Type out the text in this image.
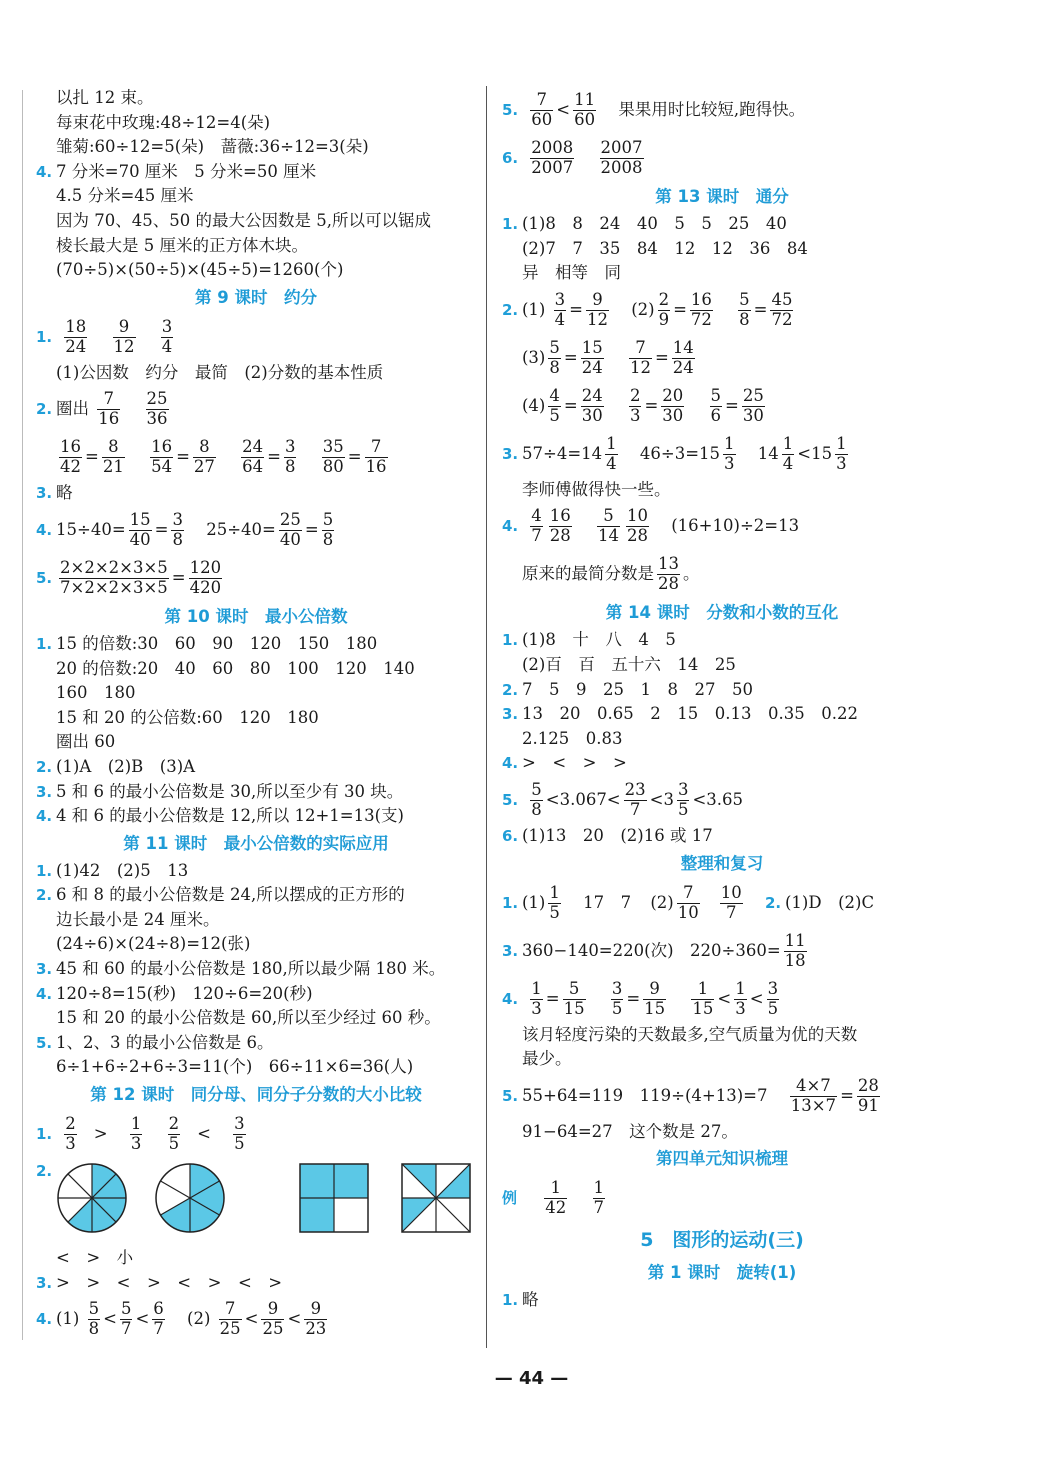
以扎 12 束。
每束花中玫瑰:48÷12=4(朵)
雏菊:60÷12=5(朵)　蔷薇:36÷12=3(朵)
4. 7 分米=70 厘米　5 分米=50 厘米
4.5 分米=45 厘米
因为 70、45、50 的最大公因数是 5,所以可以锯成
棱长最大是 5 厘米的正方体木块。
(70÷5)×(50÷5)×(45÷5)=1260(个)
第 9 课时　约分
1. $\frac{18}{24}$
$\frac{9}{12}$
$\frac{3}{4}$
(1)公因数　约分　最简　(2)分数的基本性质
2. 圈出 $\frac{7}{16}$
$\frac{25}{36}$
$\frac{16}{42} = \frac{8}{21}$
$\frac{16}{54} = \frac{8}{27}$
$\frac{24}{64} = \frac{3}{8}$
$\frac{35}{80} = \frac{7}{16}$
3. 略
4. $15\div 40= \frac{15}{40} = \frac{3}{8} 25\div 40= \frac{25}{40} = \frac{5}{8}$
5. $\frac{2\times 2\times 2\times 3\times 5}{7\times 2\times 2\times 3\times 5} = \frac{120}{420}$
第 10 课时　最小公倍数
1. 15 的倍数:30　60　90　120　150　180
20 的倍数:20　40　60　80　100　120　140
160　180
15 和 20 的公倍数:60　120　180
圈出 60
2. (1)A　(2)B　(3)A
3. 5 和 6 的最小公倍数是 30,所以至少有 30 块。
4. 4 和 6 的最小公倍数是 12,所以 12+1=13(支)
第 11 课时　最小公倍数的实际应用
1. (1)42　(2)5　13
2. 6 和 8 的最小公倍数是 24,所以摆成的正方形的
边长最小是 24 厘米。
(24÷6)×(24÷8)=12(张)
3. 45 和 60 的最小公倍数是 180,所以最少隔 180 米。
4. 120÷8=15(秒)　120÷6=20(秒)
15 和 20 的最小公倍数是 60,所以至少经过 60 秒。
5. 1、2、3 的最小公倍数是 6。
6÷1+6÷2+6÷3=11(个)　66÷11×6=36(人)
第 12 课时　同分母、同分子分数的大小比较
1. $\frac{2}{3} > \frac{1}{3}$
$\frac{2}{5} < \frac{3}{5}$
2.
<　>　小
3. >　>　<　>　<　>　<　>
4. $(1) \frac{5}{8} < \frac{5}{7} < \frac{6}{7} (2) \frac{7}{25} < \frac{9}{25} < \frac{9}{23}$
5. $\frac{7}{60} < \frac{11}{60}$ 果果用时比较短,跑得快。
6. $\frac{2008}{2007}$
$\frac{2007}{2008}$
第 13 课时　通分
1. (1)8　8　24　40　5　5　25　40
(2)7　7　35　84　12　12　36　84
异　相等　同
2. $(1) \frac{3}{4} = \frac{9}{12} (2) \frac{2}{9} = \frac{16}{72}$
$\frac{5}{8} = \frac{45}{72}$
$(3) \frac{5}{8} = \frac{15}{24}$
$\frac{7}{12} = \frac{14}{24}$
$(4) \frac{4}{5} = \frac{24}{30}$
$\frac{2}{3} = \frac{20}{30}$
$\frac{5}{6} = \frac{25}{30}$
3. $57\div 4=14 \frac{1}{4} 46\div 3=15 \frac{1}{3} 14 \frac{1}{4} <15 \frac{1}{3}$
李师傅做得快一些。
4. $\frac{4}{7} \frac{16}{28}$
$\frac{5}{14} \frac{10}{28} (16+10)\div 2=13$
原来的最简分数是 $\frac{13}{28}$ 。
第 14 课时　分数和小数的互化
1. (1)8　十　八　4　5
(2)百　百　五十六　14　25
2. 7　5　9　25　1　8　27　50
3. 13　20　0.65　2　15　0.13　0.35　0.22
2.125　0.83
4. >　<　>　>
5. $\frac{5}{8} <3.067< \frac{23}{7} <3 \frac{3}{5} <3.65$
6. (1)13　20　(2)16 或 17
整理和复习
1. $(1) \frac{1}{5} 17$　7 $(2) \frac{7}{10} \frac{10}{7} 2$. (1)D　(2)C
3. 360−140=220(次)　$220\div 360= \frac{11}{18}$
4. $\frac{1}{3} = \frac{5}{15}$
$\frac{3}{5} = \frac{9}{15}$
$\frac{1}{15} < \frac{1}{3} < \frac{3}{5}$
该月轻度污染的天数最多,空气质量为优的天数
最少。
5. 55+64=119　$119\div(4+13)=7 \frac{4\times 7}{13\times 7} = \frac{28}{91}$
91−64=27　这个数是 27。
第四单元知识梳理
例 $\frac{1}{42}$
$\frac{1}{7}$
5　图形的运动(三)
第 1 课时　旋转(1)
1. 略
— 44 —
